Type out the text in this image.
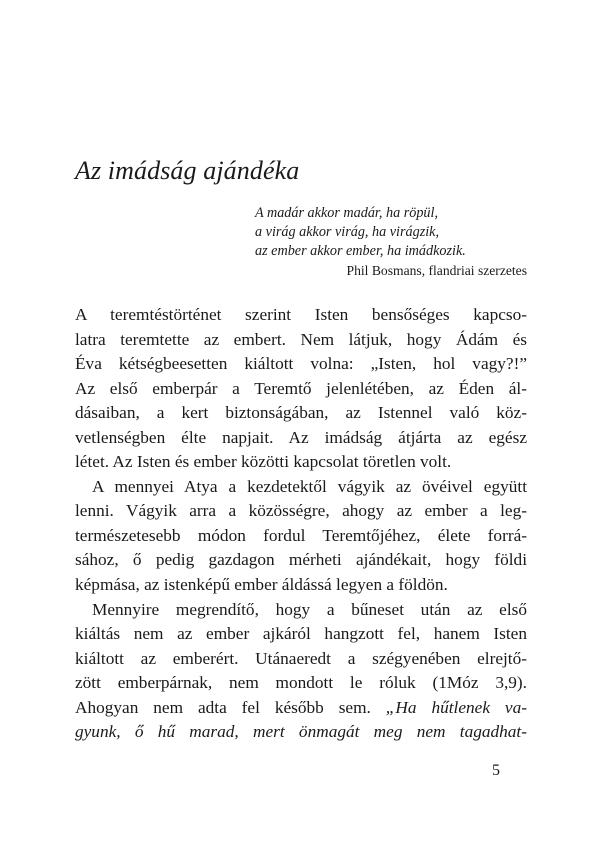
Az imádság ajándéka
A madár akkor madár, ha röpül,
a virág akkor virág, ha virágzik,
az ember akkor ember, ha imádkozik.
Phil Bosmans, flandriai szerzetes
A teremtéstörténet szerint Isten bensőséges kapcso-
latra teremtette az embert. Nem látjuk, hogy Ádám és
Éva kétségbeesetten kiáltott volna: „Isten, hol vagy?!”
Az első emberpár a Teremtő jelenlétében, az Éden ál-
dásaiban, a kert biztonságában, az Istennel való köz-
vetlenségben élte napjait. Az imádság átjárta az egész
létet. Az Isten és ember közötti kapcsolat töretlen volt.
A mennyei Atya a kezdetektől vágyik az övéivel együtt
lenni. Vágyik arra a közösségre, ahogy az ember a leg-
természetesebb módon fordul Teremtőjéhez, élete forrá-
sához, ő pedig gazdagon mérheti ajándékait, hogy földi
képmása, az istenképű ember áldássá legyen a földön.
Mennyire megrendítő, hogy a bűneset után az első
kiáltás nem az ember ajkáról hangzott fel, hanem Isten
kiáltott az emberért. Utánaeredt a szégyenében elrejtő-
zött emberpárnak, nem mondott le róluk (1Móz 3,9).
Ahogyan nem adta fel később sem. „Ha hűtlenek va-
gyunk, ő hű marad, mert önmagát meg nem tagadhat-
5
